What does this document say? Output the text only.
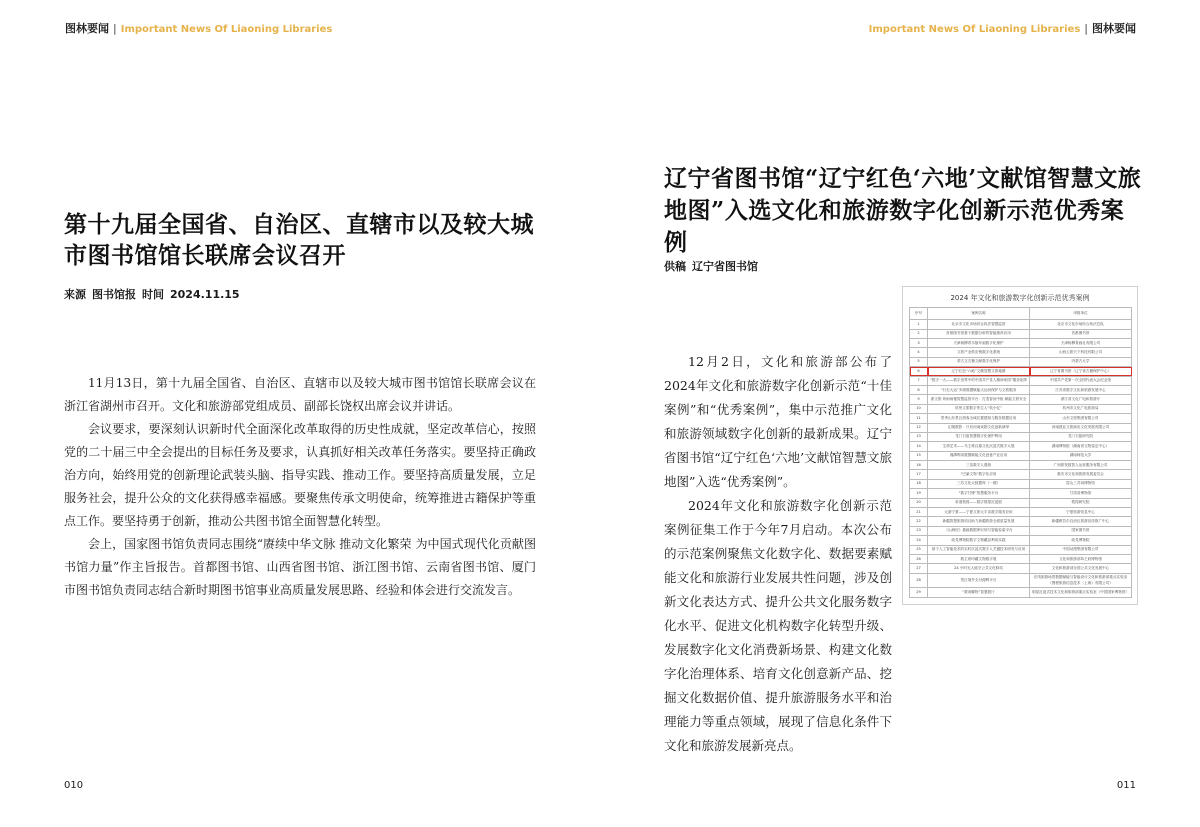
图林要闻 | Important News Of Liaoning Libraries	Important News Of Liaoning Libraries | 图林要闻
第十九届全国省、自治区、直辖市以及较大城市图书馆馆长联席会议召开
来源 图书馆报 时间 2024.11.15

11月13日，第十九届全国省、自治区、直辖市以及较大城市图书馆馆长联席会议在浙江省湖州市召开。文化和旅游部党组成员、副部长饶权出席会议并讲话。

会议要求，要深刻认识新时代全面深化改革取得的历史性成就，坚定改革信心，按照党的二十届三中全会提出的目标任务及要求，认真抓好相关改革任务落实。要坚持正确政治方向，始终用党的创新理论武装头脑、指导实践、推动工作。要坚持高质量发展，立足服务社会，提升公众的文化获得感幸福感。要聚焦传承文明使命，统筹推进古籍保护等重点工作。要坚持勇于创新，推动公共图书馆全面智慧化转型。

会上，国家图书馆负责同志围绕“赓续中华文脉 推动文化繁荣 为中国式现代化贡献图书馆力量”作主旨报告。首都图书馆、山西省图书馆、浙江图书馆、云南省图书馆、厦门市图书馆负责同志结合新时期图书馆事业高质量发展思路、经验和体会进行交流发言。

辽宁省图书馆“辽宁红色‘六地’文献馆智慧文旅地图”入选文化和旅游数字化创新示范优秀案例
供稿 辽宁省图书馆

12月2日，文化和旅游部公布了2024年文化和旅游数字化创新示范“十佳案例”和“优秀案例”，集中示范推广文化和旅游领域数字化创新的最新成果。辽宁省图书馆“辽宁红色‘六地’文献馆智慧文旅地图”入选“优秀案例”。

2024年文化和旅游数字化创新示范案例征集工作于今年7月启动。本次公布的示范案例聚焦文化数字化、数据要素赋能文化和旅游行业发展共性问题，涉及创新文化表达方式、提升公共文化服务数字化水平、促进文化机构数字化转型升级、发展数字化文化消费新场景、构建文化数字化治理体系、培育文化创意新产品、挖掘文化数据价值、提升旅游服务水平和治理能力等重点领域，展现了信息化条件下文化和旅游发展新亮点。

2024 年文化和旅游数字化创新示范优秀案例
序号	案例名称	申报单位
1	北京市文化市场综合执法智慧监管	北京市文化市场综合执法总队
2	首都图书馆基于数据分析的智能推荐应用	首都图书馆
3	天津杨柳青木版年画数字化保护	天津杨柳青画社有限公司
4	文旅产业供应链数字化系统	山西云旅天下科技有限公司
5	蒙古文古籍文献数字化保护	内蒙古大学
6	辽宁红色“六地”文献智慧文旅地图	辽宁省图书馆（辽宁省古籍保护中心）
7	“数字一大——数字世界中的中国共产党人精神家园”服务矩阵	中国共产党第一次全国代表大会纪念馆
8	“行走大运”多源数据赋能大运河保护与文旅服务	江苏省数字文化和旅游发展中心
9	浙文旅·风雨雨便智慧监管平台：打造智治中枢 赋能文旅安全	浙江省文化广电和旅游厅
10	杭州文旅数字孪生人“杭小忆”	杭州市文化广电旅游局
11	景秀山东景区游客全域位置感知与服务数据应用	山东文旅集团有限公司
12	幻境数影：只有河南戏剧文化创新演绎	河南建业文旅演出文化发展有限公司
13	龙门石窟智慧数字化保护利用	龙门石窟研究院
14	生命艺术——马王堆汉墓文化沉浸式数字大展	湖南博物院（湖南省文物鉴定中心）
15	湘潭利用数据赋能文化创意产业应用	湖南师范大学
16	三苗数字人漫游	广西旅发数智人运营服务有限公司
17	“巴渝文物”数字化应用	重庆市文化和旅游发展委员会
18	三苏文化大数据库（一期）	眉山三苏祠博物馆
19	“数字甘博”智慧服务平台	甘肃省博物馆
20	帝道敦煌——数字敦煌沉浸展	敦煌研究院
21	元游宁夏——宁夏文旅元宇宙数字服务应用	宁夏旅游信息中心
22	新疆智慧旅游项目助力新疆旅游全面质量发展	新疆维吾尔自治区旅游宣传推广中心
23	《山海经》插画数据库识别与智能检索平台	国家图书馆
24	政党博物院数字文物藏品利用实践	政党博物院
25	基于人工智能技术的实时沉浸式数字人关键技术研发与应用	中国动漫集团有限公司
26	数主府印藏文物数字展	文化和旅游部恭王府博物馆
27	24 小时无人值守公共文化驿站	文化和旅游部全国公共文化发展中心
28	景区境外支付便利平台	在线旅游场景数据赋能与智能设计文化和旅游部重点实验室（携程旅游信息技术（上海）有限公司）
29	“数说聊物”智慧展厅	明星沉浸式技术文化和旅游部重点实验室（中国国家博物馆）
010	011
